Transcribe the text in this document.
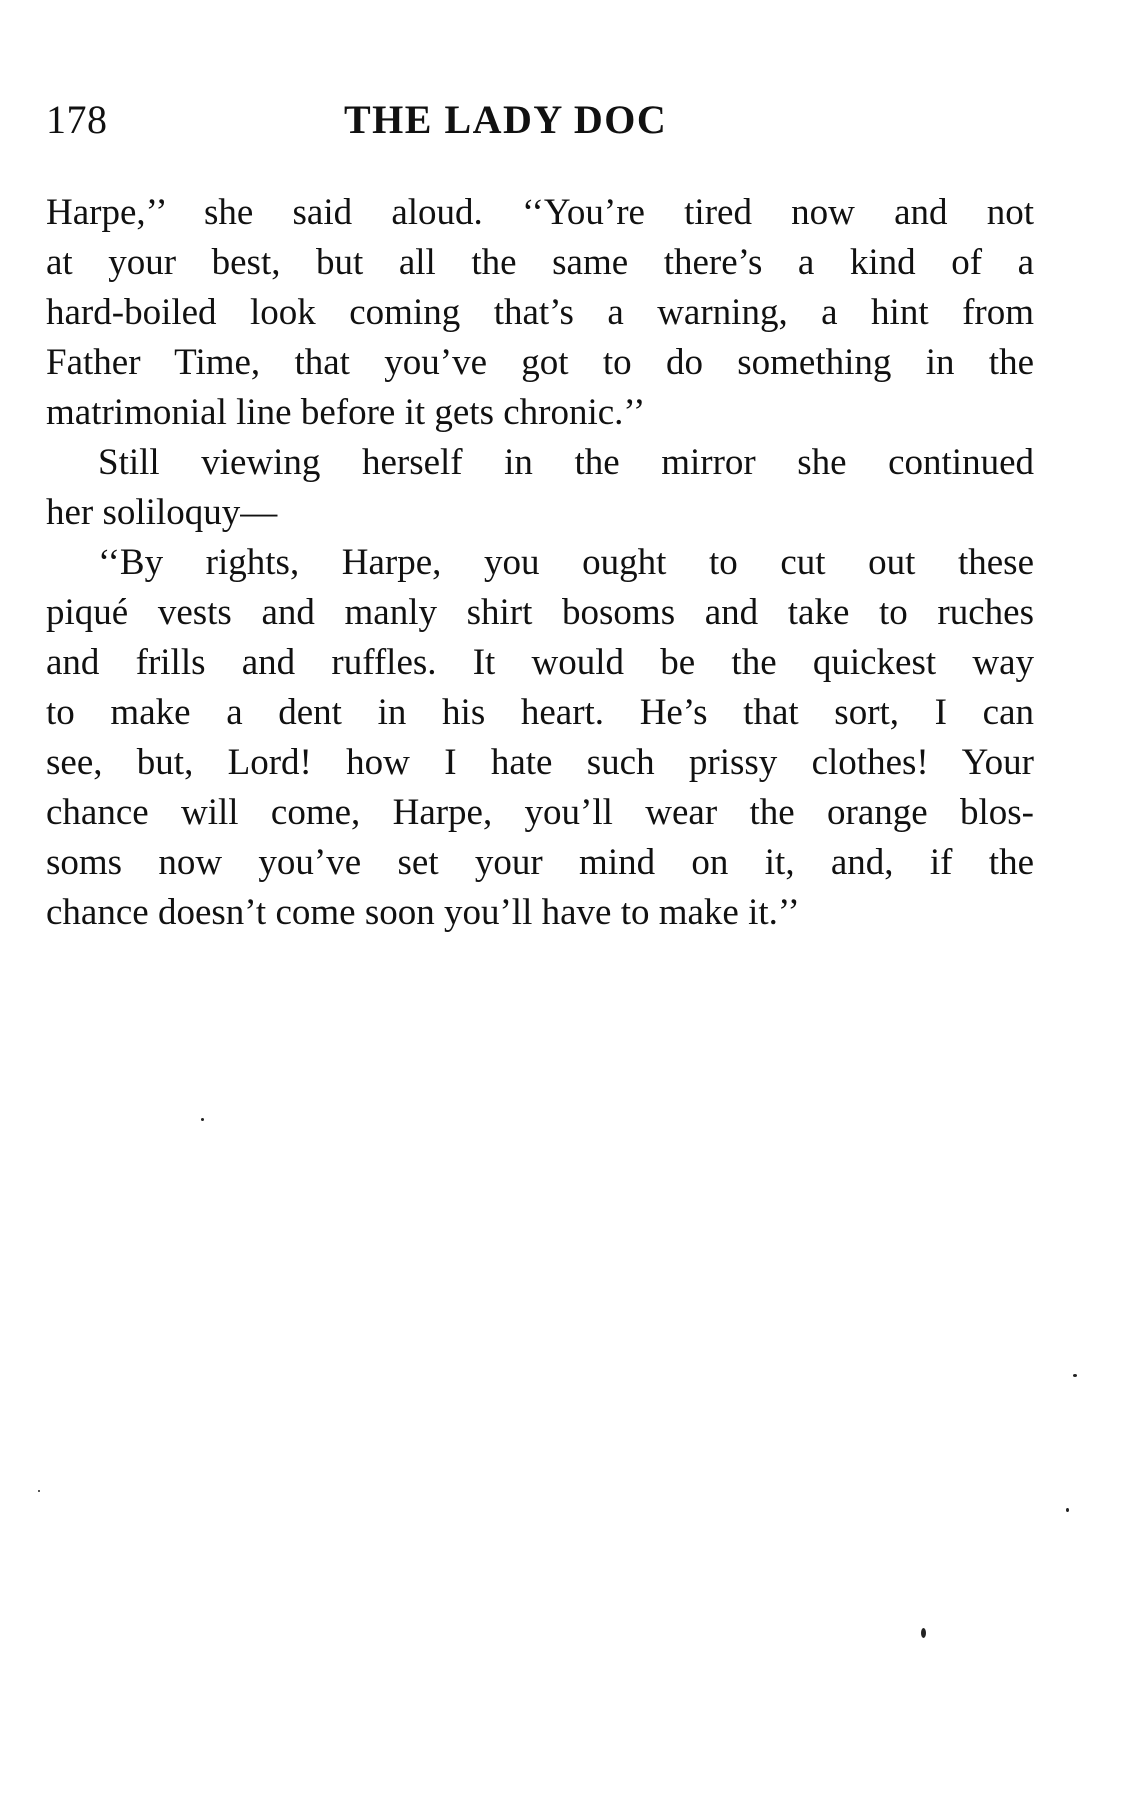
178	THE LADY DOC
Harpe,’’ she said aloud. ‘‘You’re tired now and not
at your best, but all the same there’s a kind of a
hard-boiled look coming that’s a warning, a hint from
Father Time, that you’ve got to do something in the
matrimonial line before it gets chronic.’’
Still viewing herself in the mirror she continued
her soliloquy—
‘‘By rights, Harpe, you ought to cut out these
piqué vests and manly shirt bosoms and take to ruches
and frills and ruffles. It would be the quickest way
to make a dent in his heart. He’s that sort, I can
see, but, Lord! how I hate such prissy clothes! Your
chance will come, Harpe, you’ll wear the orange blos-
soms now you’ve set your mind on it, and, if the
chance doesn’t come soon you’ll have to make it.’’
